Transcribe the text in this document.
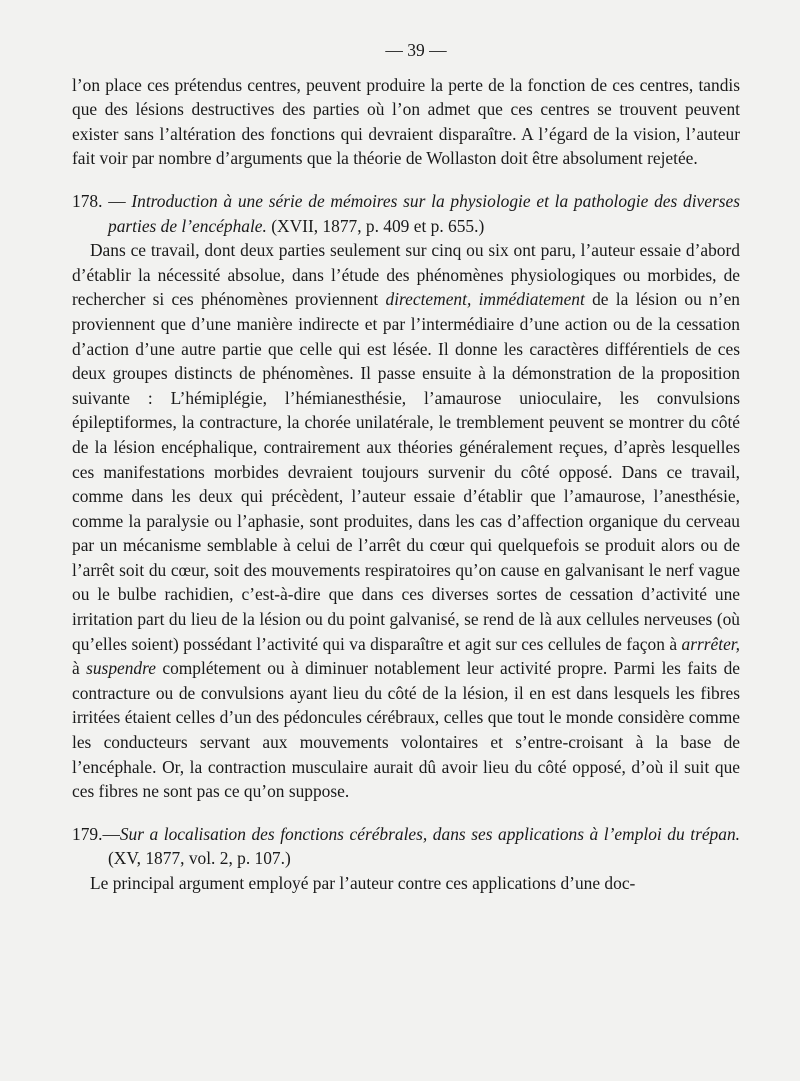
— 39 —

l’on place ces prétendus centres, peuvent produire la perte de la fonction de ces centres, tandis que des lésions destructives des parties où l’on admet que ces centres se trouvent peuvent exister sans l’altération des fonctions qui devraient disparaître. A l’égard de la vision, l’auteur fait voir par nombre d’arguments que la théorie de Wollaston doit être absolument rejetée.

178. — Introduction à une série de mémoires sur la physiologie et la pathologie des diverses parties de l’encéphale. (XVII, 1877, p. 409 et p. 655.)

Dans ce travail, dont deux parties seulement sur cinq ou six ont paru, l’auteur essaie d’abord d’établir la nécessité absolue, dans l’étude des phénomènes physiologiques ou morbides, de rechercher si ces phénomènes proviennent directement, immédiatement de la lésion ou n’en proviennent que d’une manière indirecte et par l’intermédiaire d’une action ou de la cessation d’action d’une autre partie que celle qui est lésée. Il donne les caractères différentiels de ces deux groupes distincts de phénomènes. Il passe ensuite à la démonstration de la proposition suivante : L’hémiplégie, l’hémianesthésie, l’amaurose unioculaire, les convulsions épileptiformes, la contracture, la chorée unilatérale, le tremblement peuvent se montrer du côté de la lésion encéphalique, contrairement aux théories généralement reçues, d’après lesquelles ces manifestations morbides devraient toujours survenir du côté opposé. Dans ce travail, comme dans les deux qui précèdent, l’auteur essaie d’établir que l’amaurose, l’anesthésie, comme la paralysie ou l’aphasie, sont produites, dans les cas d’affection organique du cerveau par un mécanisme semblable à celui de l’arrêt du cœur qui quelquefois se produit alors ou de l’arrêt soit du cœur, soit des mouvements respiratoires qu’on cause en galvanisant le nerf vague ou le bulbe rachidien, c’est-à-dire que dans ces diverses sortes de cessation d’activité une irritation part du lieu de la lésion ou du point galvanisé, se rend de là aux cellules nerveuses (où qu’elles soient) possédant l’activité qui va disparaître et agit sur ces cellules de façon à arrrêter, à suspendre complétement ou à diminuer notablement leur activité propre. Parmi les faits de contracture ou de convulsions ayant lieu du côté de la lésion, il en est dans lesquels les fibres irritées étaient celles d’un des pédoncules cérébraux, celles que tout le monde considère comme les conducteurs servant aux mouvements volontaires et s’entre-croisant à la base de l’encéphale. Or, la contraction musculaire aurait dû avoir lieu du côté opposé, d’où il suit que ces fibres ne sont pas ce qu’on suppose.

179.—Sur a localisation des fonctions cérébrales, dans ses applications à l’emploi du trépan. (XV, 1877, vol. 2, p. 107.)

Le principal argument employé par l’auteur contre ces applications d’une doc-
